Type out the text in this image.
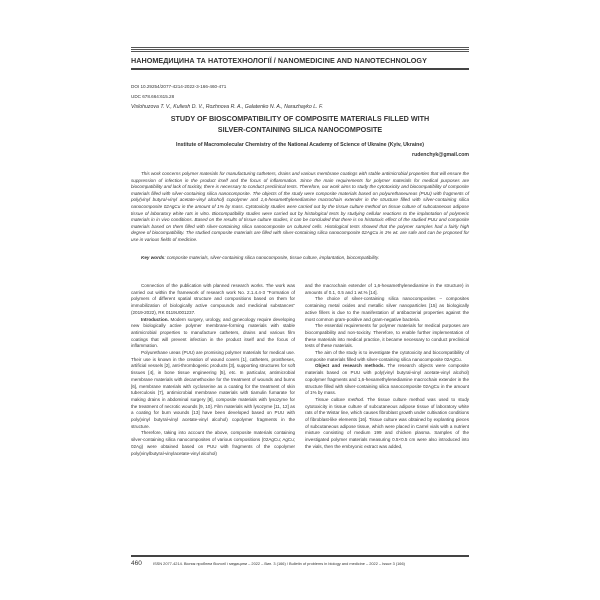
НАНОМЕДИЦИНА ТА НАТОТЕХНОЛОГІЇ / NANOMEDICINE AND NANOTECHNOLOGY
DOI 10.29254/2077-4214-2022-3-166-460-471
UDC 678.664:615.28
Vislohuzova T. V., Kuliesh D. V., Rozhnova R. A., Galatenko N. A., Narazhayko L. F.
STUDY OF BIOSCOMPATIBILITY OF COMPOSITE MATERIALS FILLED WITH
SILVER-CONTAINING SILICA NANOCOMPOSITE
Institute of Macromolecular Chemistry of the National Academy of Science of Ukraine (Kyiv, Ukraine)
rudenchyk@gmail.com

This work concerns polymer materials for manufacturing catheters, drains and various membrane coatings with stable antimicrobial properties that will ensure the suppression of infection in the product itself and the focus of inflammation. Since the main requirements for polymer materials for medical purposes are biocompatibility and lack of toxicity, there is necessary to conduct preclinical tests. Therefore, our work aims to study the cytotoxicity and biocompatibility of composite materials filled with silver-containing silica nanocomposite. The objects of the study were composite materials based on polyurethaneureas (PUU) with fragments of poly(vinyl butyral-vinyl acetate-vinyl alcohol) copolymer and 1,6-hexamethylenediamine macrochain extender in the structure filled with silver-containing silica nanocomposite 02AgCu in the amount of 1% by mass. Cytotoxicity studies were carried out by the tissue culture method on tissue culture of subcutaneous adipose tissue of laboratory white rats in vitro. Biocompatibility studies were carried out by histological tests by studying cellular reactions to the implantation of polymeric materials in in vivo conditions. Based on the results of tissue culture studies, it can be concluded that there is no histotoxic effect of the studied PUU and composite materials based on them filled with silver-containing silica nanocomposite on cultured cells. Histological tests showed that the polymer samples had a fairly high degree of biocompatibility. The studied composite materials are filled with silver-containing silica nanocomposite 02AgCu in 1% wt. are safe and can be proposed for use in various fields of medicine.

Key words: composite materials, silver-containing silica nanocomposite, tissue culture, implantation, biocompatibility.

Connection of the publication with planned research works. The work was carried out within the framework of research work No. 2.1.4.4-3 "Formation of polymers of different spatial structure and compositions based on them for immobilization of biologically active compounds and medicinal substances" (2019-2022), RK 0119U001237.

Introduction. Modern surgery, urology, and gynecology require developing new biologically active polymer membrane-forming materials with stable antimicrobial properties to manufacture catheters, drains and various film coatings that will prevent infection in the product itself and the focus of inflammation.

Polyurethane ureas (PUU) are promising polymer materials for medical use. Their use is known in the creation of wound covers [1], catheters, prostheses, artificial vessels [2], anti-thrombogenic products [3], supporting structures for soft tissues [4], in bone tissue engineering [5], etc. In particular, antimicrobial membrane materials with decamethoxine for the treatment of wounds and burns [6], membrane materials with cycloserine as a coating for the treatment of skin tuberculosis [7], antimicrobial membrane materials with tiamulin fumarate for making drains in abdominal surgery [8], composite materials with lysozyme for the treatment of necrotic wounds [9, 10]. Film materials with lysozyme [11, 12] as a coating for burn wounds [13] have been developed based on PUU with poly(vinyl butyral-vinyl acetate-vinyl alcohol) copolymer fragments in the structure.

Therefore, taking into account the above, composite materials containing silver-containing silica nanocomposites of various compositions (02AgCu; AgCu; 02Ag) were obtained based on PUU with fragments of the copolymer poly(vinylbutyral-vinylacetate-vinyl alcohol)

and the macrochain extender of 1,6-hexamethylenediamine in the structure) in amounts of 0.1, 0.5 and 1 wt.% [14].

The choice of silver-containing silica nanocomposites – composites containing metal oxides and metallic silver nanoparticles [15] as biologically active fillers is due to the manifestation of antibacterial properties against the most common gram-positive and gram-negative bacteria.

The essential requirements for polymer materials for medical purposes are biocompatibility and non-toxicity. Therefore, to enable further implementation of these materials into medical practice, it became necessary to conduct preclinical tests of these materials.

The aim of the study is to investigate the cytotoxicity and biocompatibility of composite materials filled with silver-containing silica nanocomposite 02AgCu.

Object and research methods. The research objects were composite materials based on PUU with poly(vinyl butyral-vinyl acetate-vinyl alcohol) copolymer fragments and 1,6-hexamethylenediamine macrochain extender in the structure filled with silver-containing silica nanocomposite 02AgCu in the amount of 1% by mass.

Tissue culture method. The tissue culture method was used to study cytotoxicity in tissue culture of subcutaneous adipose tissue of laboratory white rats of the Wistar line, which causes fibroblast growth under cultivation conditions of fibroblast-like elements [16]. Tissue culture was obtained by explanting pieces of subcutaneous adipose tissue, which were placed in Carrel vials with a nutrient mixture consisting of medium 199 and chicken plasma. Samples of the investigated polymer materials measuring 0.5×0.5 cm were also introduced into the vials, then the embryonic extract was added,

460	ISSN 2077-4214. Вісник проблем біології і медицини – 2022 – Вип. 3 (166) / Bulletin of problems in biology and medicine – 2022 – Issue 3 (166)
